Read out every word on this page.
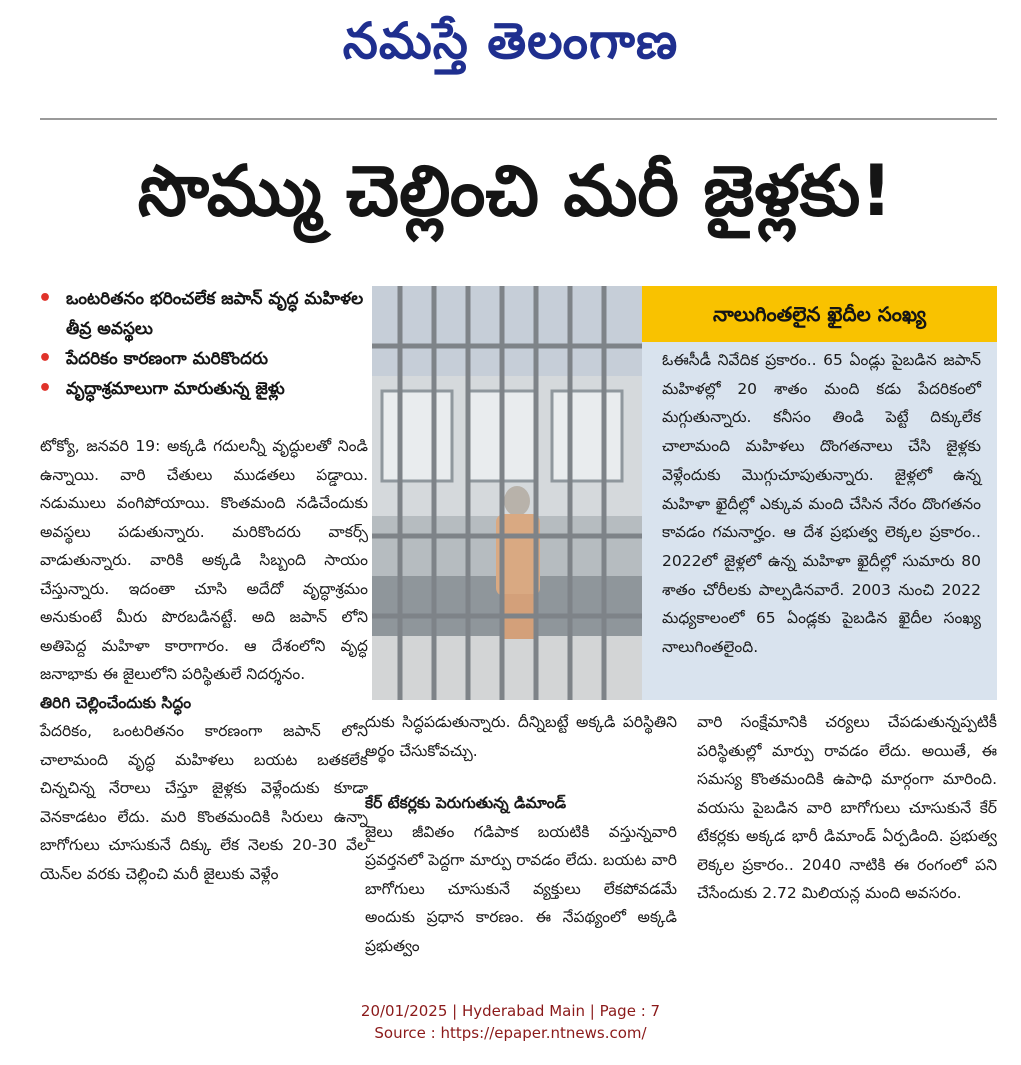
నమస్తే తెలంగాణ
సొమ్ము చెల్లించి మరీ జైళ్లకు!
• ఒంటరితనం భరించలేక జపాన్ వృద్ధ మహిళల తీవ్ర అవస్థలు
• పేదరికం కారణంగా మరికొందరు
• వృద్ధాశ్రమాలుగా మారుతున్న జైళ్లు

టోక్యో, జనవరి 19: అక్కడి గదులన్నీ వృద్ధులతో నిండి ఉన్నాయి. వారి చేతులు ముడతలు పడ్డాయి. నడుములు వంగిపోయాయి. కొంతమంది నడిచేందుకు అవస్థలు పడుతున్నారు. మరికొందరు వాకర్స్ వాడుతున్నారు. వారికి అక్కడి సిబ్బంది సాయం చేస్తున్నారు. ఇదంతా చూసి అదేదో వృద్ధాశ్రమం అనుకుంటే మీరు పొరబడినట్టే. అది జపాన్ లోని అతిపెద్ద మహిళా కారాగారం. ఆ దేశంలోని వృద్ధ జనాభాకు ఈ జైలులోని పరిస్థితులే నిదర్శనం.

తిరిగి చెల్లించేందుకు సిద్ధం

పేదరికం, ఒంటరితనం కారణంగా జపాన్ లోని చాలామంది వృద్ధ మహిళలు బయట బతకలేక చిన్నచిన్న నేరాలు చేస్తూ జైళ్లకు వెళ్లేందుకు కూడా వెనకాడటం లేదు. మరి కొంతమందికి సిరులు ఉన్నా బాగోగులు చూసుకునే దిక్కు లేక నెలకు 20-30 వేల యెన్‌ల వరకు చెల్లించి మరీ జైలుకు వెళ్లేం

నాలుగింతలైన ఖైదీల సంఖ్య
ఓఈసీడీ నివేదిక ప్రకారం.. 65 ఏండ్లు పైబడిన జపాన్ మహిళల్లో 20 శాతం మంది కడు పేదరికంలో మగ్గుతున్నారు. కనీసం తిండి పెట్టే దిక్కులేక చాలామంది మహిళలు దొంగతనాలు చేసి జైళ్లకు వెళ్లేందుకు మొగ్గుచూపుతున్నారు. జైళ్లలో ఉన్న మహిళా ఖైదీల్లో ఎక్కువ మంది చేసిన నేరం దొంగతనం కావడం గమనార్హం. ఆ దేశ ప్రభుత్వ లెక్కల ప్రకారం.. 2022లో జైళ్లలో ఉన్న మహిళా ఖైదీల్లో సుమారు 80 శాతం చోరీలకు పాల్పడినవారే. 2003 నుంచి 2022 మధ్యకాలంలో 65 ఏండ్లకు పైబడిన ఖైదీల సంఖ్య నాలుగింతలైంది.

దుకు సిద్ధపడుతున్నారు. దీన్నిబట్టే అక్కడి పరిస్థితిని అర్థం చేసుకోవచ్చు.

కేర్ టేకర్లకు పెరుగుతున్న డిమాండ్

జైలు జీవితం గడిపాక బయటికి వస్తున్నవారి ప్రవర్తనలో పెద్దగా మార్పు రావడం లేదు. బయట వారి బాగోగులు చూసుకునే వ్యక్తులు లేకపోవడమే అందుకు ప్రధాన కారణం. ఈ నేపథ్యంలో అక్కడి ప్రభుత్వం

వారి సంక్షేమానికి చర్యలు చేపడుతున్నప్పటికీ పరిస్థితుల్లో మార్పు రావడం లేదు. అయితే, ఈ సమస్య కొంతమందికి ఉపాధి మార్గంగా మారింది. వయసు పైబడిన వారి బాగోగులు చూసుకునే కేర్ టేకర్లకు అక్కడ భారీ డిమాండ్ ఏర్పడింది. ప్రభుత్వ లెక్కల ప్రకారం.. 2040 నాటికి ఈ రంగంలో పని చేసేందుకు 2.72 మిలియన్ల మంది అవసరం.

20/01/2025 | Hyderabad Main | Page : 7
Source : https://epaper.ntnews.com/
